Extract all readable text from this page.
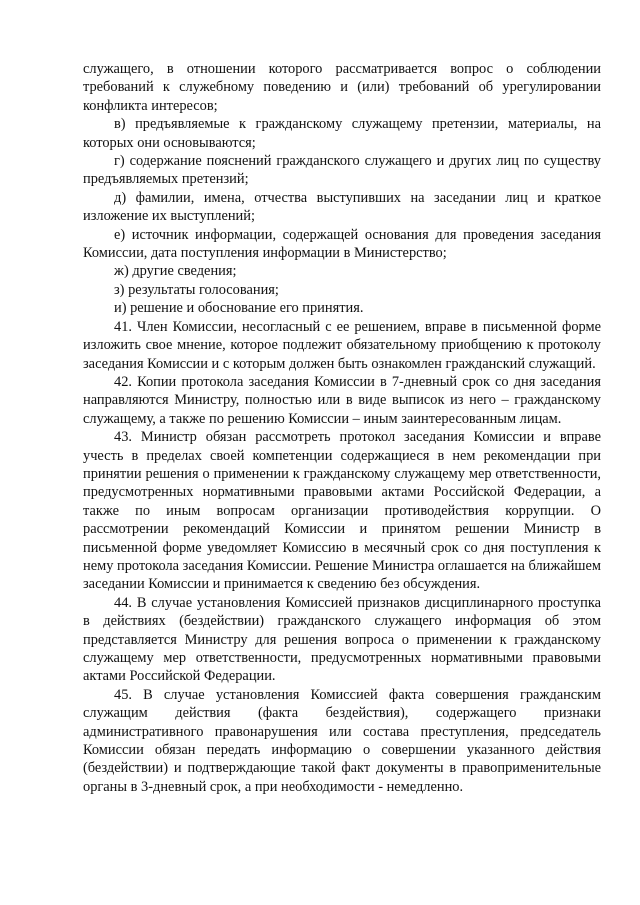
служащего, в отношении которого рассматривается вопрос о соблюдении требований к служебному поведению и (или) требований об урегулировании конфликта интересов;

в) предъявляемые к гражданскому служащему претензии, материалы, на которых они основываются;

г) содержание пояснений гражданского служащего и других лиц по существу предъявляемых претензий;

д) фамилии, имена, отчества выступивших на заседании лиц и краткое изложение их выступлений;

е) источник информации, содержащей основания для проведения заседания Комиссии, дата поступления информации в Министерство;

ж) другие сведения;

з) результаты голосования;

и) решение и обоснование его принятия.

41. Член Комиссии, несогласный с ее решением, вправе в письменной форме изложить свое мнение, которое подлежит обязательному приобщению к протоколу заседания Комиссии и с которым должен быть ознакомлен гражданский служащий.

42. Копии протокола заседания Комиссии в 7-дневный срок со дня заседания направляются Министру, полностью или в виде выписок из него – гражданскому служащему, а также по решению Комиссии – иным заинтересованным лицам.

43. Министр обязан рассмотреть протокол заседания Комиссии и вправе учесть в пределах своей компетенции содержащиеся в нем рекомендации при принятии решения о применении к гражданскому служащему мер ответственности, предусмотренных нормативными правовыми актами Российской Федерации, а также по иным вопросам организации противодействия коррупции. О рассмотрении рекомендаций Комиссии и принятом решении Министр в письменной форме уведомляет Комиссию в месячный срок со дня поступления к нему протокола заседания Комиссии. Решение Министра оглашается на ближайшем заседании Комиссии и принимается к сведению без обсуждения.

44. В случае установления Комиссией признаков дисциплинарного проступка в действиях (бездействии) гражданского служащего информация об этом представляется Министру для решения вопроса о применении к гражданскому служащему мер ответственности, предусмотренных нормативными правовыми актами Российской Федерации.

45. В случае установления Комиссией факта совершения гражданским служащим действия (факта бездействия), содержащего признаки административного правонарушения или состава преступления, председатель Комиссии обязан передать информацию о совершении указанного действия (бездействии) и подтверждающие такой факт документы в правоприменительные органы в 3-дневный срок, а при необходимости - немедленно.
